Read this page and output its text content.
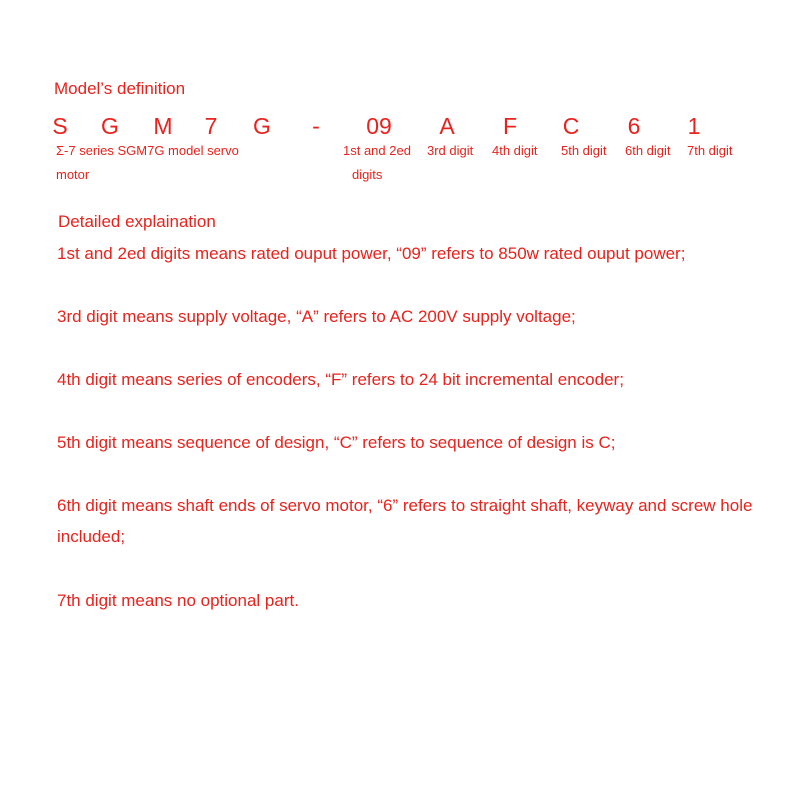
Model’s definition
S G M 7 G - 09 A F C 6 1
Σ-7 series SGM7G model servo
motor
1st and 2ed
digits
3rd digit 4th digit 5th digit 6th digit 7th digit
Detailed explaination
1st and 2ed digits means rated ouput power, “09” refers to 850w rated ouput power;
3rd digit means supply voltage, “A” refers to AC 200V supply voltage;
4th digit means series of encoders, “F” refers to 24 bit incremental encoder;
5th digit means sequence of design, “C” refers to sequence of design is C;
6th digit means shaft ends of servo motor, “6” refers to straight shaft, keyway and screw hole included;
7th digit means no optional part.
